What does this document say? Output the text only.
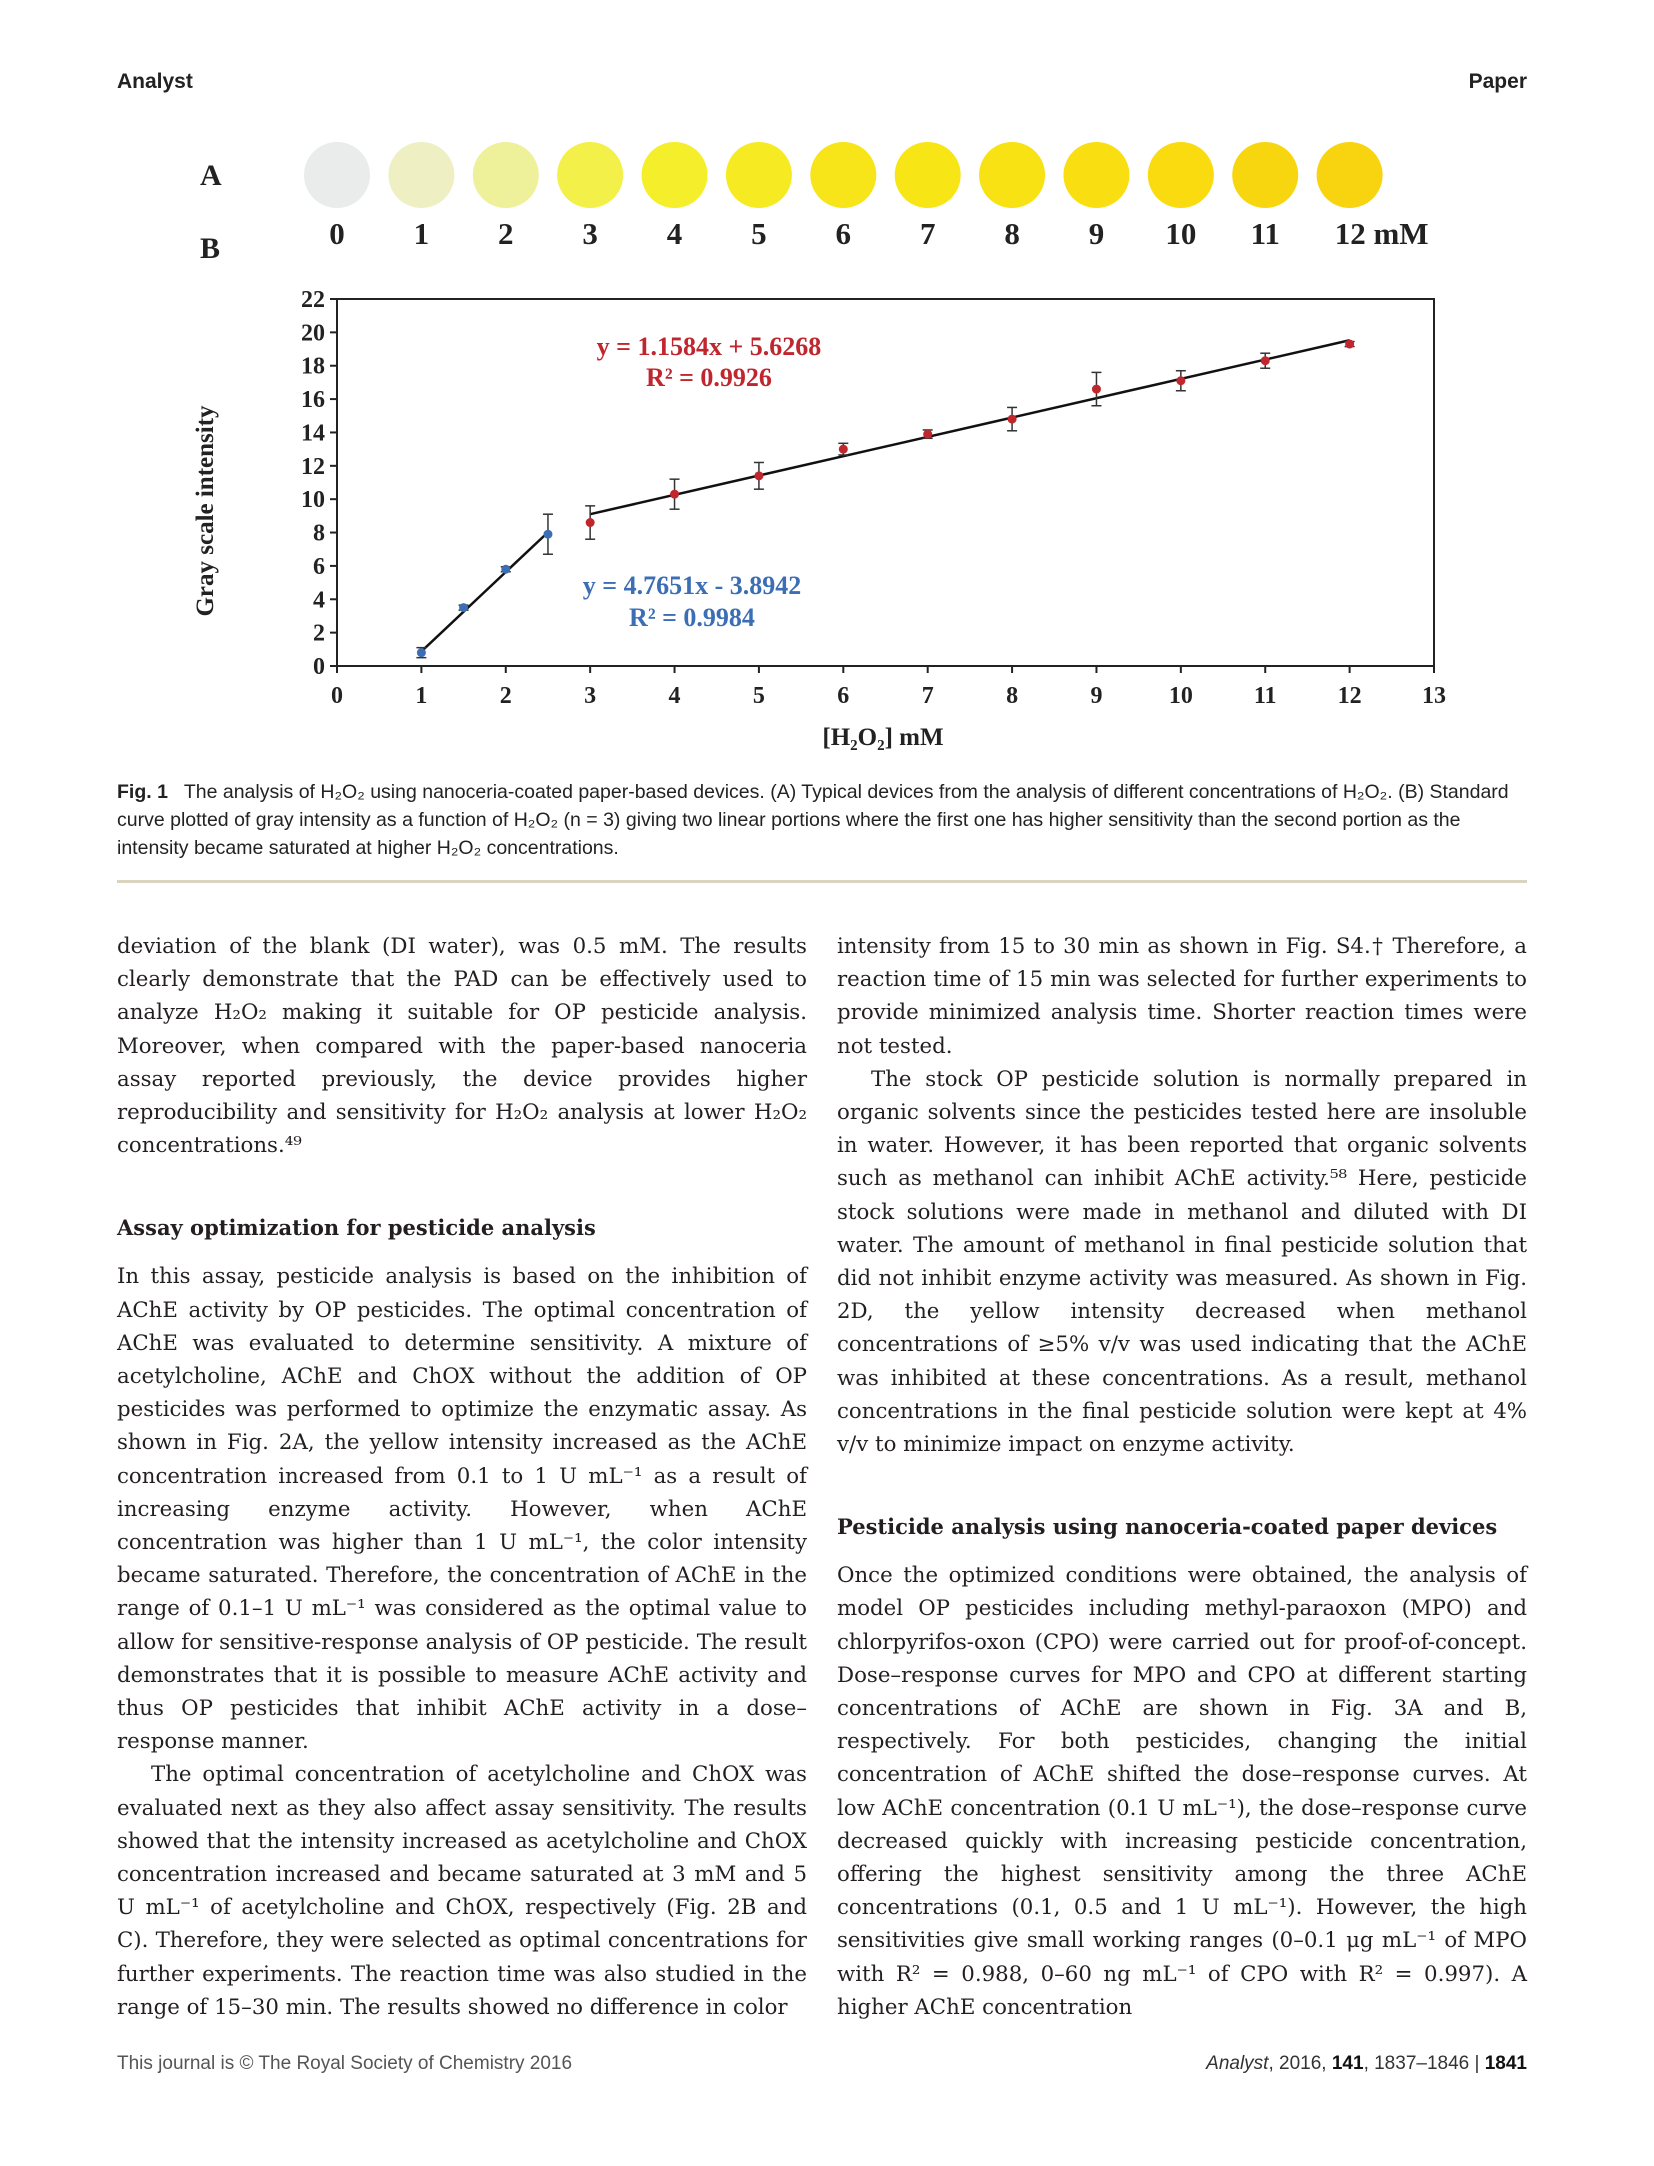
Analyst	Paper
A
B	0 1 2 3 4 5 6 7 8 9 10 11 12 mM
0
2
4
6
8
10
12
14
16
18
20
22
0	1	2	3	4	5	6	7	8	9	10	11	12	13
y = 1.1584x + 5.6268
R² = 0.9926
y = 4.7651x - 3.8942
R² = 0.9984
Gray scale intensity
[H₂O₂] mM
Fig. 1 The analysis of H₂O₂ using nanoceria-coated paper-based devices. (A) Typical devices from the analysis of different concentrations of H₂O₂. (B) Standard curve plotted of gray intensity as a function of H₂O₂ (n = 3) giving two linear portions where the first one has higher sensitivity than the second portion as the intensity became saturated at higher H₂O₂ concentrations.

deviation of the blank (DI water), was 0.5 mM. The results clearly demonstrate that the PAD can be effectively used to analyze H₂O₂ making it suitable for OP pesticide analysis. Moreover, when compared with the paper-based nanoceria assay reported previously, the device provides higher reproducibility and sensitivity for H₂O₂ analysis at lower H₂O₂ concentrations.⁴⁹

Assay optimization for pesticide analysis

In this assay, pesticide analysis is based on the inhibition of AChE activity by OP pesticides. The optimal concentration of AChE was evaluated to determine sensitivity. A mixture of acetylcholine, AChE and ChOX without the addition of OP pesticides was performed to optimize the enzymatic assay. As shown in Fig. 2A, the yellow intensity increased as the AChE concentration increased from 0.1 to 1 U mL⁻¹ as a result of increasing enzyme activity. However, when AChE concentration was higher than 1 U mL⁻¹, the color intensity became saturated. Therefore, the concentration of AChE in the range of 0.1–1 U mL⁻¹ was considered as the optimal value to allow for sensitive-response analysis of OP pesticide. The result demonstrates that it is possible to measure AChE activity and thus OP pesticides that inhibit AChE activity in a dose–response manner.

The optimal concentration of acetylcholine and ChOX was evaluated next as they also affect assay sensitivity. The results showed that the intensity increased as acetylcholine and ChOX concentration increased and became saturated at 3 mM and 5 U mL⁻¹ of acetylcholine and ChOX, respectively (Fig. 2B and C). Therefore, they were selected as optimal concentrations for further experiments. The reaction time was also studied in the range of 15–30 min. The results showed no difference in color

intensity from 15 to 30 min as shown in Fig. S4.† Therefore, a reaction time of 15 min was selected for further experiments to provide minimized analysis time. Shorter reaction times were not tested.

The stock OP pesticide solution is normally prepared in organic solvents since the pesticides tested here are insoluble in water. However, it has been reported that organic solvents such as methanol can inhibit AChE activity.⁵⁸ Here, pesticide stock solutions were made in methanol and diluted with DI water. The amount of methanol in final pesticide solution that did not inhibit enzyme activity was measured. As shown in Fig. 2D, the yellow intensity decreased when methanol concentrations of ≥5% v/v was used indicating that the AChE was inhibited at these concentrations. As a result, methanol concentrations in the final pesticide solution were kept at 4% v/v to minimize impact on enzyme activity.

Pesticide analysis using nanoceria-coated paper devices

Once the optimized conditions were obtained, the analysis of model OP pesticides including methyl-paraoxon (MPO) and chlorpyrifos-oxon (CPO) were carried out for proof-of-concept. Dose–response curves for MPO and CPO at different starting concentrations of AChE are shown in Fig. 3A and B, respectively. For both pesticides, changing the initial concentration of AChE shifted the dose–response curves. At low AChE concentration (0.1 U mL⁻¹), the dose–response curve decreased quickly with increasing pesticide concentration, offering the highest sensitivity among the three AChE concentrations (0.1, 0.5 and 1 U mL⁻¹). However, the high sensitivities give small working ranges (0–0.1 μg mL⁻¹ of MPO with R² = 0.988, 0–60 ng mL⁻¹ of CPO with R² = 0.997). A higher AChE concentration

This journal is © The Royal Society of Chemistry 2016	Analyst, 2016, 141, 1837–1846 | 1841
